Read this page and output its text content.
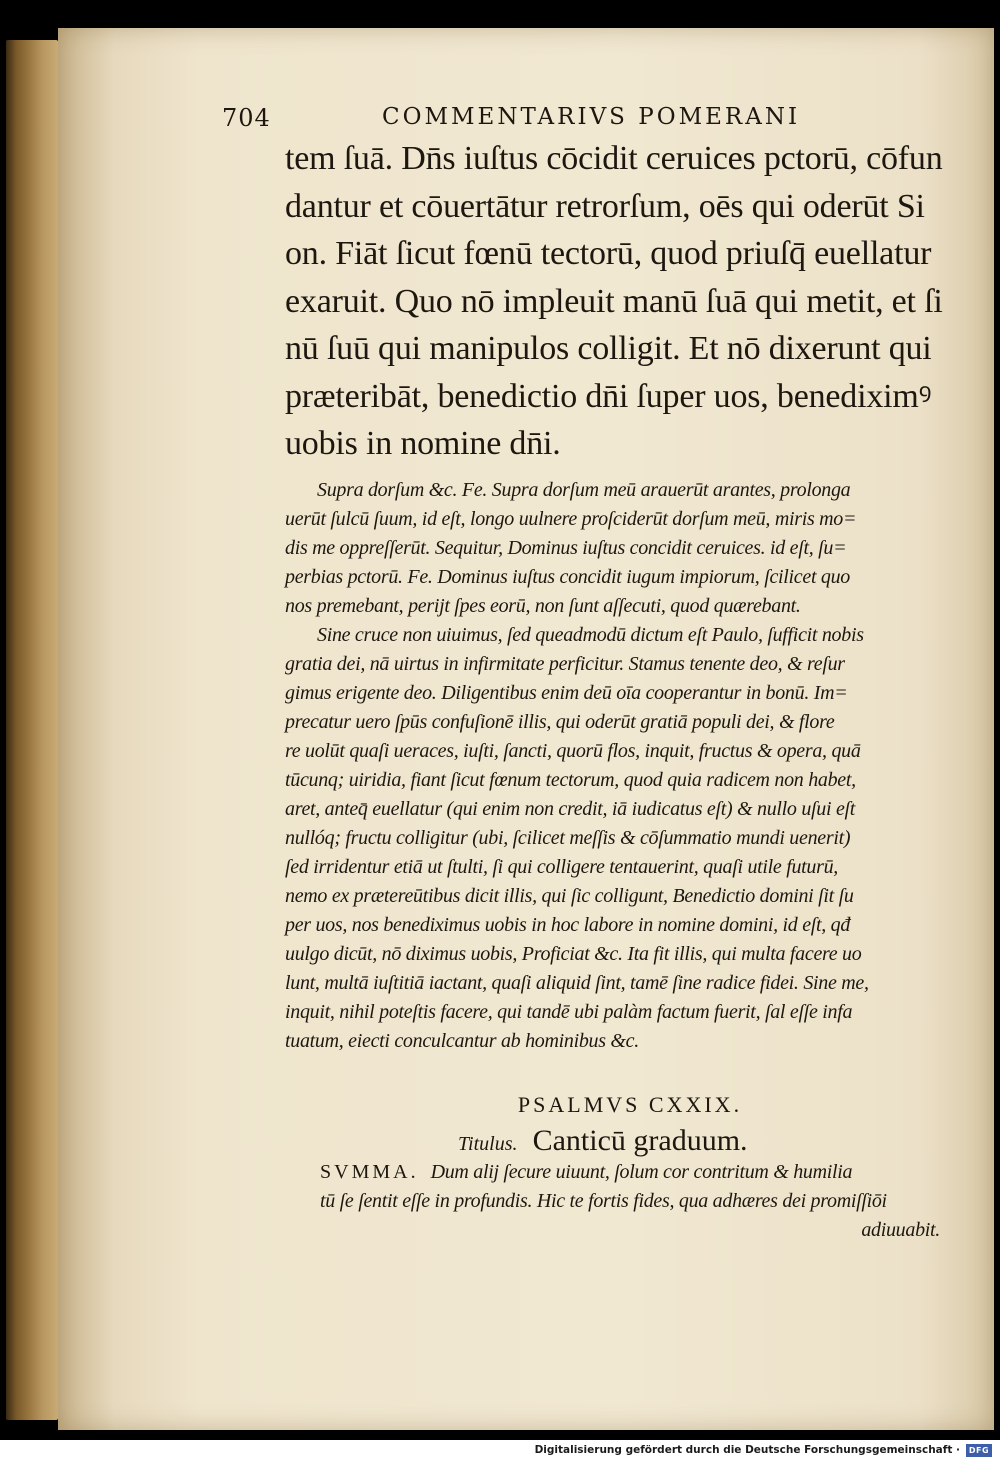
704	COMMENTARIVS POMERANI
tem ſuā. Dn̄s iuſtus cōcidit ceruices pctorū, cōfun
dantur et cōuertātur retrorſum, oēs qui oderūt Si
on. Fiāt ſicut fœnū tectorū, quod priuſq̄ euellatur
exaruit. Quo nō impleuit manū ſuā qui metit, et ſi
nū ſuū qui manipulos colligit. Et nō dixerunt qui
præteribāt, benedictio dn̄i ſuper uos, benediximꝰ
uobis in nomine dn̄i.
Supra dorſum &c. Fe. Supra dorſum meū arauerūt arantes, prolonga
uerūt ſulcū ſuum, id eſt, longo uulnere proſciderūt dorſum meū, miris mo=
dis me oppreſſerūt. Sequitur, Dominus iuſtus concidit ceruices. id eſt, ſu=
perbias pctorū. Fe. Dominus iuſtus concidit iugum impiorum, ſcilicet quo
nos premebant, perijt ſpes eorū, non ſunt aſſecuti, quod quærebant.
Sine cruce non uiuimus, ſed queadmodū dictum eſt Paulo, ſufficit nobis
gratia dei, nā uirtus in infirmitate perficitur. Stamus tenente deo, & reſur
gimus erigente deo. Diligentibus enim deū oīa cooperantur in bonū. Im=
precatur uero ſpūs confuſionē illis, qui oderūt gratiā populi dei, & flore
re uolūt quaſi ueraces, iuſti, ſancti, quorū flos, inquit, fructus & opera, quā
tūcunq; uiridia, fiant ſicut fœnum tectorum, quod quia radicem non habet,
aret, anteq̄ euellatur (qui enim non credit, iā iudicatus eſt) & nullo uſui eſt
nullóq; fructu colligitur (ubi, ſcilicet meſſis & cōſummatio mundi uenerit)
ſed irridentur etiā ut ſtulti, ſi qui colligere tentauerint, quaſi utile futurū,
nemo ex prætereūtibus dicit illis, qui ſic colligunt, Benedictio domini ſit ſu
per uos, nos benediximus uobis in hoc labore in nomine domini, id eſt, qđ
uulgo dicūt, nō diximus uobis, Proficiat &c. Ita fit illis, qui multa facere uo
lunt, multā iuſtitiā iactant, quaſi aliquid ſint, tamē ſine radice fidei. Sine me,
inquit, nihil poteſtis facere, qui tandē ubi palàm factum fuerit, ſal eſſe infa
tuatum, eiecti conculcantur ab hominibus &c.
PSALMVS CXXIX.
Titulus. Canticū graduum.
SVMMA. Dum alij ſecure uiuunt, ſolum cor contritum & humilia
tū ſe ſentit eſſe in profundis. Hic te fortis fides, qua adhæres dei promiſſiōi
adiuuabit.
Digitalisierung gefördert durch die Deutsche Forschungsgemeinschaft ·	DFG
